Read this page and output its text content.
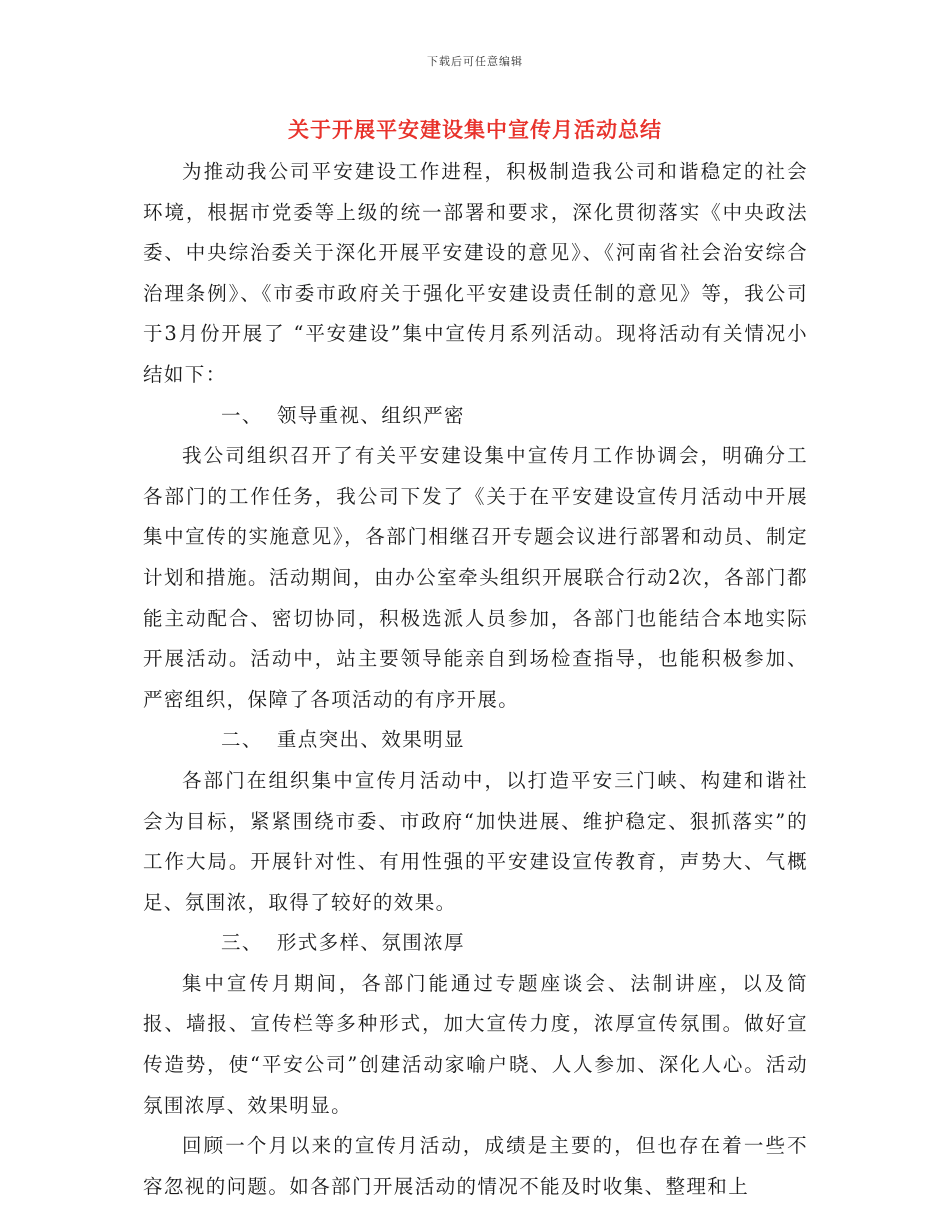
下载后可任意编辑
关于开展平安建设集中宣传月活动总结

为推动我公司平安建设工作进程，积极制造我公司和谐稳定的社会环境，根据市党委等上级的统一部署和要求，深化贯彻落实《中央政法委、中央综治委关于深化开展平安建设的意见》、《河南省社会治安综合治理条例》、《市委市政府关于强化平安建设责任制的意见》等，我公司于3月份开展了 “平安建设”集中宣传月系列活动。现将活动有关情况小结如下：

一、 领导重视、组织严密

我公司组织召开了有关平安建设集中宣传月工作协调会，明确分工各部门的工作任务，我公司下发了《关于在平安建设宣传月活动中开展集中宣传的实施意见》，各部门相继召开专题会议进行部署和动员、制定计划和措施。活动期间，由办公室牵头组织开展联合行动2次，各部门都能主动配合、密切协同，积极选派人员参加，各部门也能结合本地实际开展活动。活动中，站主要领导能亲自到场检查指导，也能积极参加、严密组织，保障了各项活动的有序开展。

二、 重点突出、效果明显

各部门在组织集中宣传月活动中，以打造平安三门峡、构建和谐社会为目标，紧紧围绕市委、市政府“加快进展、维护稳定、狠抓落实”的工作大局。开展针对性、有用性强的平安建设宣传教育，声势大、气概足、氛围浓，取得了较好的效果。

三、 形式多样、氛围浓厚

集中宣传月期间，各部门能通过专题座谈会、法制讲座，以及简报、墙报、宣传栏等多种形式，加大宣传力度，浓厚宣传氛围。做好宣传造势，使“平安公司”创建活动家喻户晓、人人参加、深化人心。活动氛围浓厚、效果明显。

回顾一个月以来的宣传月活动，成绩是主要的，但也存在着一些不容忽视的问题。如各部门开展活动的情况不能及时收集、整理和上
